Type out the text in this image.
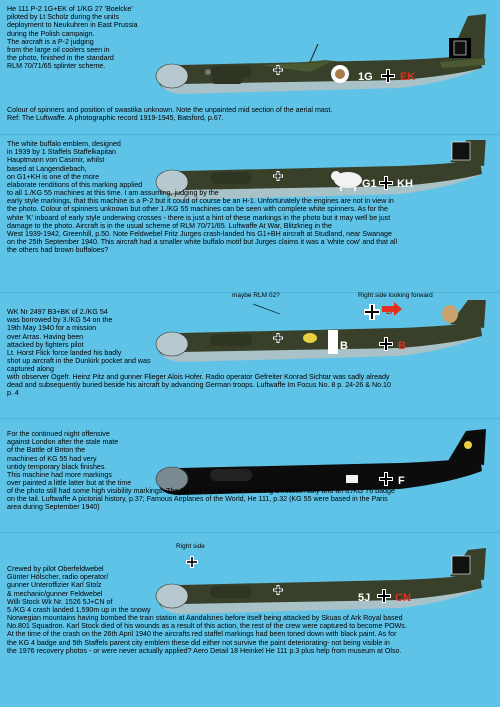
He 111 P-2 1G+EK of 1/KG 27 'Boelcke'
piloted by Lt Scholz during the units
deployment to Neukuhren in East Prussia
during the Polish campaign.
The aircraft is a P-2 judging
from the large oil coolers seen in
the photo, finished in the standard
RLM 70/71/65 splinter scheme.

1G EK

Colour of spinners and position of swastika unknown. Note the unpainted mid section of the aerial mast.
Ref: The Luftwaffe. A photographic record 1919-1945, Batsford, p.67.

The white buffalo emblem, designed
in 1939 by 1 Staffels Staffelkapitan
Hauptmann von Casimir, whilst
based at Langendiebach,
on G1+KH is one of the more
elaborate renditions of this marking applied	G1 KH

to all 1./KG 55 machines at this time. I am assuming, judging by the
early style markings, that this machine is a P-2 but it could of course be an H-1. Unfortunately the engines are not in view in
the photo. Colour of spinners unknown but other 1./KG 55 machines can be seen with complete white spinners. As for the
white 'K' inboard of early style underwing crosses - there is just a hint of these markings in the photo but it may well be just
damage to the photo. Aircraft is in the usual scheme of RLM 70/71/65. Luftwaffe At War, Blitzkrieg in the
West 1939-1942, Greenhill, p.50. Note Feldwebel Fritz Jurges crash-landed his G1+BH aircraft at Studland, near Swanage
on the 25th September 1940. This aircraft had a smaller white buffalo motif but Jurges claims it was a 'white cow' and that all
the others had brown buffaloes?

maybe RLM 02?	Right side looking forward

WK Nr 2497 B3+BK of 2./KG 54
was borrowed by 3./KG 54 on the
19th May 1940 for a mission
over Arras. Having been
attacked by fighters pilot
Lt. Horst Flick force landed his badly
shot up aircraft in the Dunkirk pocket and was captured along

B	B
B

with observer Ogefr. Heinz Pitz and gunner Flieger Alois Hofer. Radio operator Gefreiter Konrad Sichtar was sadly already
dead and subsequently buried beside his aircraft by advancing German troops. Luftwaffe Im Focus No. 8 p. 24-26 & No.10
p. 4

For the continued night offensive
against London after the stale mate
of the Battle of Briton the
machines of KG 55 had very
untidy temporary black finishes.
This machine had more markings
over painted a little latter but at the time	F

of the photo still had some high visibility markings. The He 111 P is unusual in having a mission tally and an 8./KG 76 badge
on the tail. Luftwaffe A pictorial history, p.37; Famous Airplanes of the World, He 111, p.32 (KG 55 were based in the Paris
area during September 1940)

Right side

Crewed by pilot Oberfeldwebel
Günter Hölscher, radio operator/
gunner Unteroffizier Karl Stolz
& mechanic/gunner Feldwebel
Willi Stock Wk Nr. 1526 5J+CN of
5./KG 4 crash landed 1,590m up in the snowy

5J CN

Norwegian mountains having bombed the train station at Aandalsnes before itself being attacked by Skuas of Ark Royal based
No.801 Squadron. Karl Stock died of his wounds as a result of this action, the rest of the crew were captured to become POWs.
At the time of the crash on the 26th April 1940 the aircrafts red staffel markings had been toned down with black paint. As for
the KG 4 badge and 5th Staffels parent city emblem these did either not survive the paint deteriorating- not being visible in
the 1976 recovery photos - or were never actually applied? Aero Detail 18 Heinkel He 111 p.3 plus help from museum at Olso.
